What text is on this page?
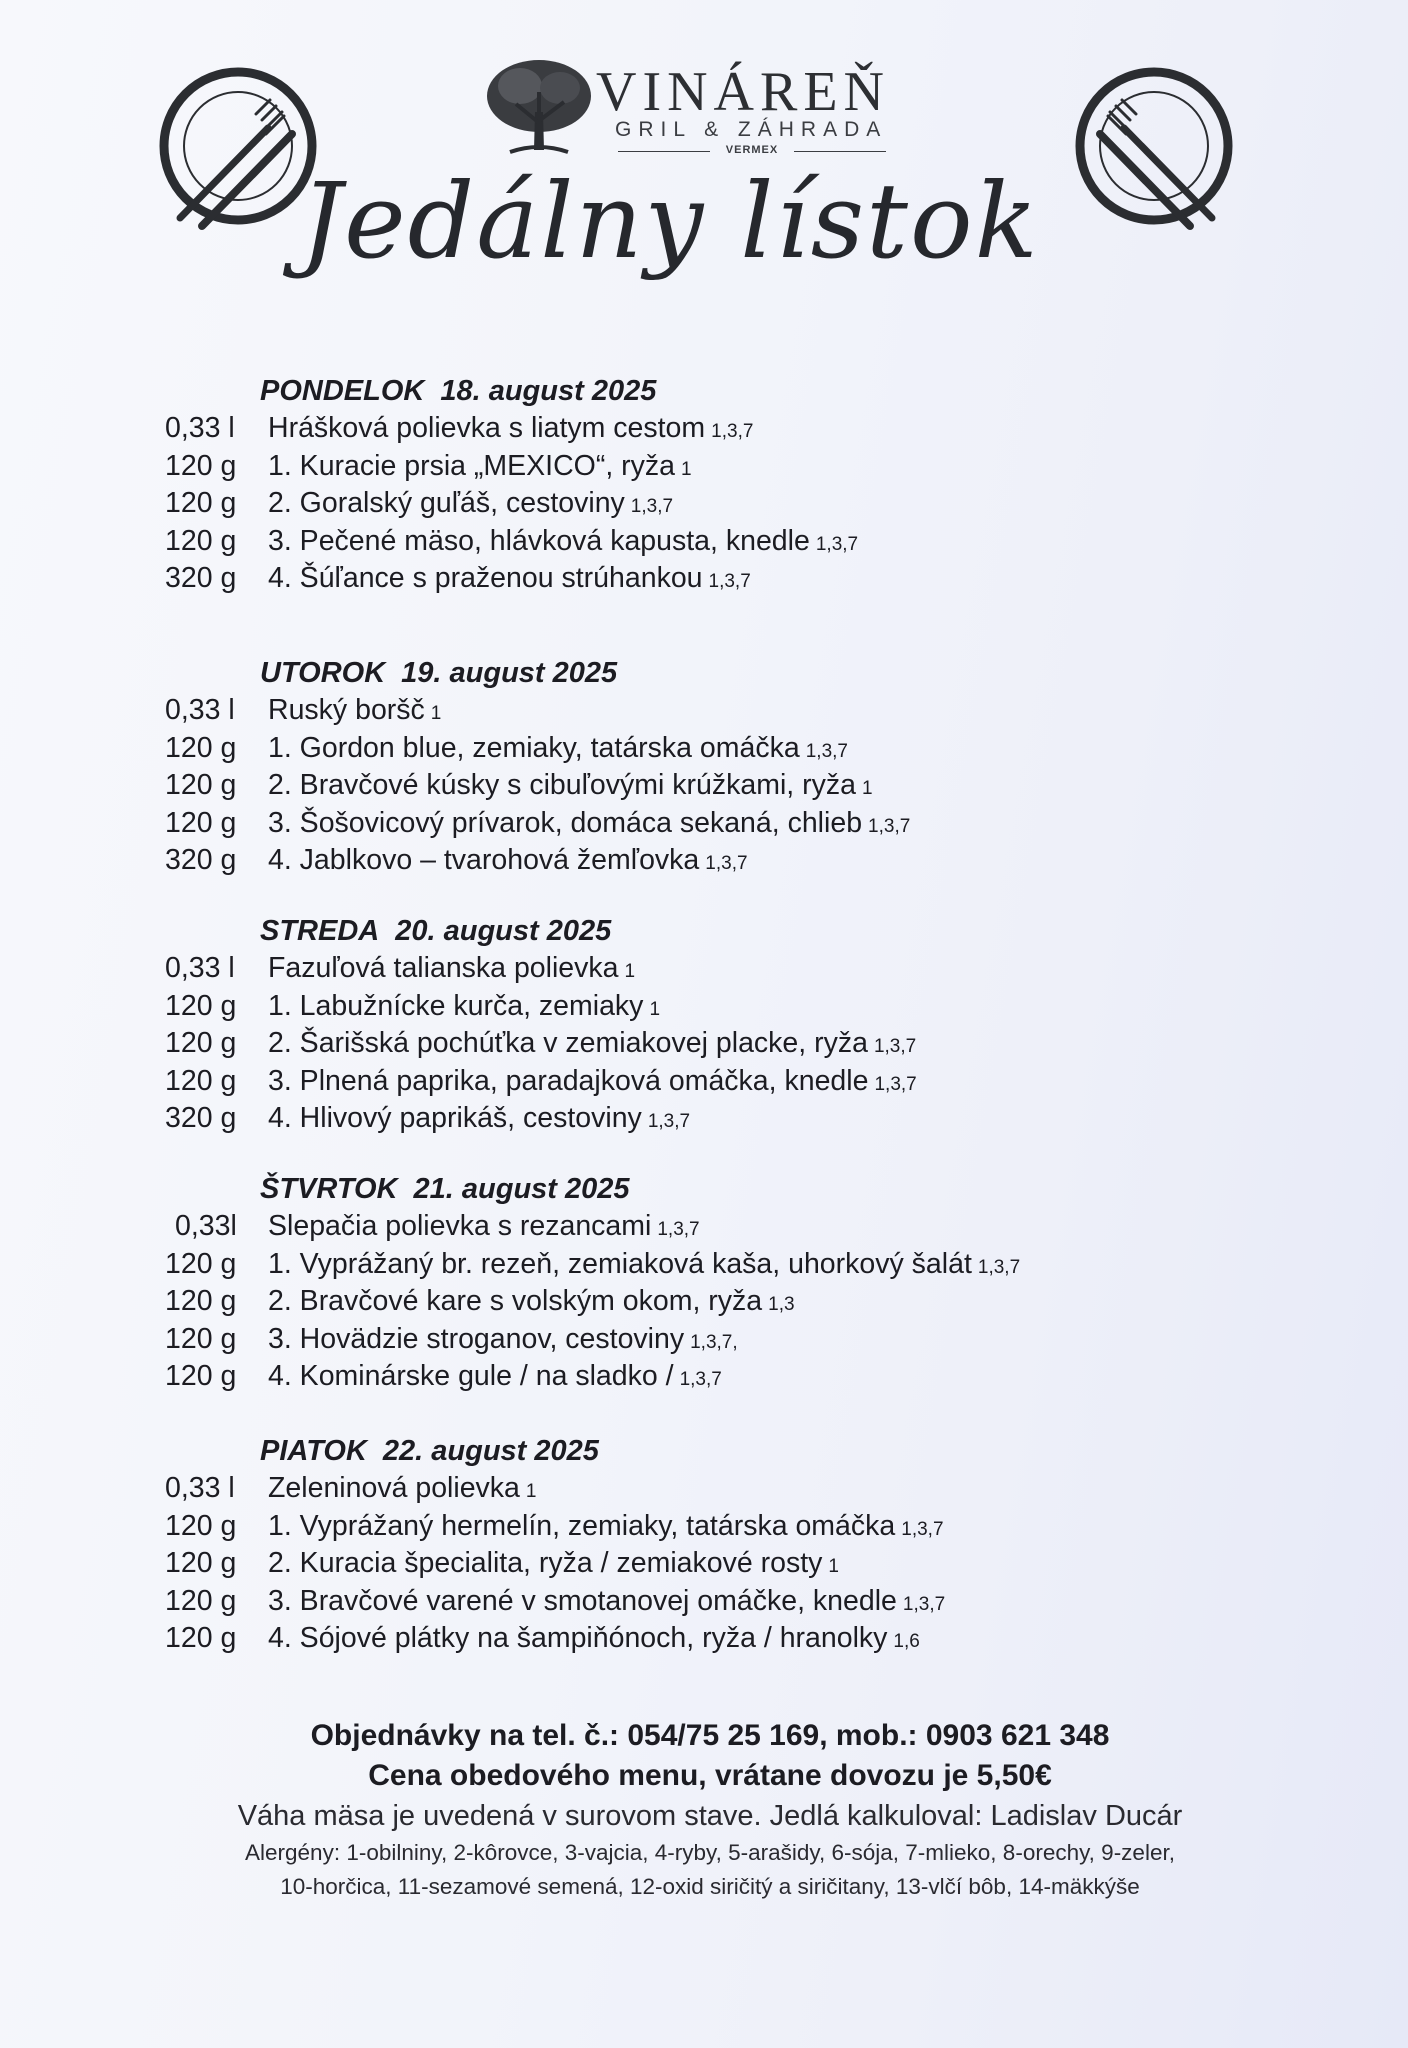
VINÁREŇ
GRIL & ZÁHRADA
VERMEX
Jedálny lístok
PONDELOK 18. august 2025
0,33 l Hrášková polievka s liatym cestom 1,3,7
120 g 1. Kuracie prsia „MEXICO“, ryža 1
120 g 2. Goralský guľáš, cestoviny 1,3,7
120 g 3. Pečené mäso, hlávková kapusta, knedle 1,3,7
320 g 4. Šúľance s praženou strúhankou 1,3,7
UTOROK 19. august 2025
0,33 l Ruský boršč 1
120 g 1. Gordon blue, zemiaky, tatárska omáčka 1,3,7
120 g 2. Bravčové kúsky s cibuľovými krúžkami, ryža 1
120 g 3. Šošovicový prívarok, domáca sekaná, chlieb 1,3,7
320 g 4. Jablkovo – tvarohová žemľovka 1,3,7
STREDA 20. august 2025
0,33 l Fazuľová talianska polievka 1
120 g 1. Labužnícke kurča, zemiaky 1
120 g 2. Šarišská pochúťka v zemiakovej placke, ryža 1,3,7
120 g 3. Plnená paprika, paradajková omáčka, knedle 1,3,7
320 g 4. Hlivový paprikáš, cestoviny 1,3,7
ŠTVRTOK 21. august 2025
0,33l Slepačia polievka s rezancami 1,3,7
120 g 1. Vyprážaný br. rezeň, zemiaková kaša, uhorkový šalát 1,3,7
120 g 2. Bravčové kare s volským okom, ryža 1,3
120 g 3. Hovädzie stroganov, cestoviny 1,3,7,
120 g 4. Kominárske gule / na sladko / 1,3,7
PIATOK 22. august 2025
0,33 l Zeleninová polievka 1
120 g 1. Vyprážaný hermelín, zemiaky, tatárska omáčka 1,3,7
120 g 2. Kuracia špecialita, ryža / zemiakové rosty 1
120 g 3. Bravčové varené v smotanovej omáčke, knedle 1,3,7
120 g 4. Sójové plátky na šampiňónoch, ryža / hranolky 1,6
Objednávky na tel. č.: 054/75 25 169, mob.: 0903 621 348
Cena obedového menu, vrátane dovozu je 5,50€
Váha mäsa je uvedená v surovom stave. Jedlá kalkuloval: Ladislav Ducár
Alergény: 1-obilniny, 2-kôrovce, 3-vajcia, 4-ryby, 5-arašidy, 6-sója, 7-mlieko, 8-orechy, 9-zeler,
10-horčica, 11-sezamové semená, 12-oxid siričitý a siričitany, 13-vlčí bôb, 14-mäkkýše
